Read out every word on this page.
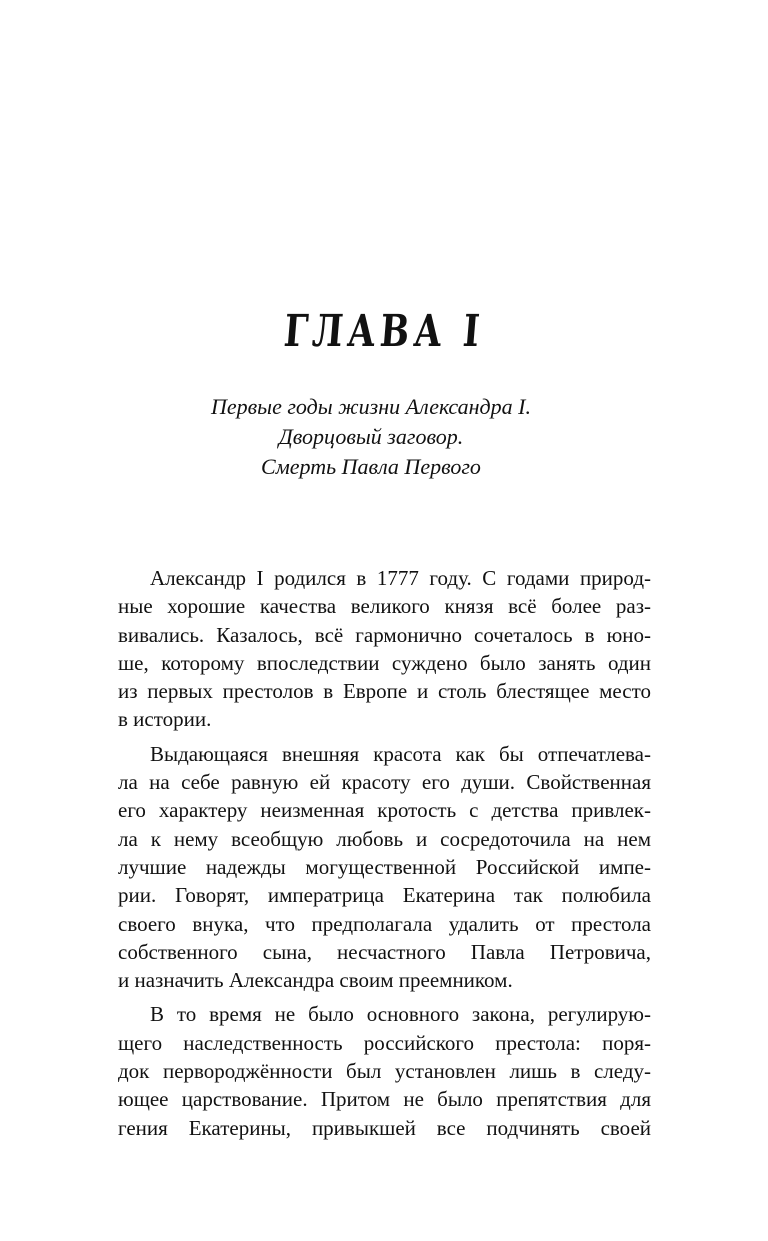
ГЛАВА I
Первые годы жизни Александра I.
Дворцовый заговор.
Смерть Павла Первого
Александр I родился в 1777 году. С годами природ-
ные хорошие качества великого князя всё более раз-
вивались. Казалось, всё гармонично сочеталось в юно-
ше, которому впоследствии суждено было занять один
из первых престолов в Европе и столь блестящее место
в истории.
Выдающаяся внешняя красота как бы отпечатлева-
ла на себе равную ей красоту его души. Свойственная
его характеру неизменная кротость с детства привлек-
ла к нему всеобщую любовь и сосредоточила на нем
лучшие надежды могущественной Российской импе-
рии. Говорят, императрица Екатерина так полюбила
своего внука, что предполагала удалить от престола
собственного сына, несчастного Павла Петровича,
и назначить Александра своим преемником.
В то время не было основного закона, регулирую-
щего наследственность российского престола: поря-
док первороджённости был установлен лишь в следу-
ющее царствование. Притом не было препятствия для
гения Екатерины, привыкшей все подчинять своей
